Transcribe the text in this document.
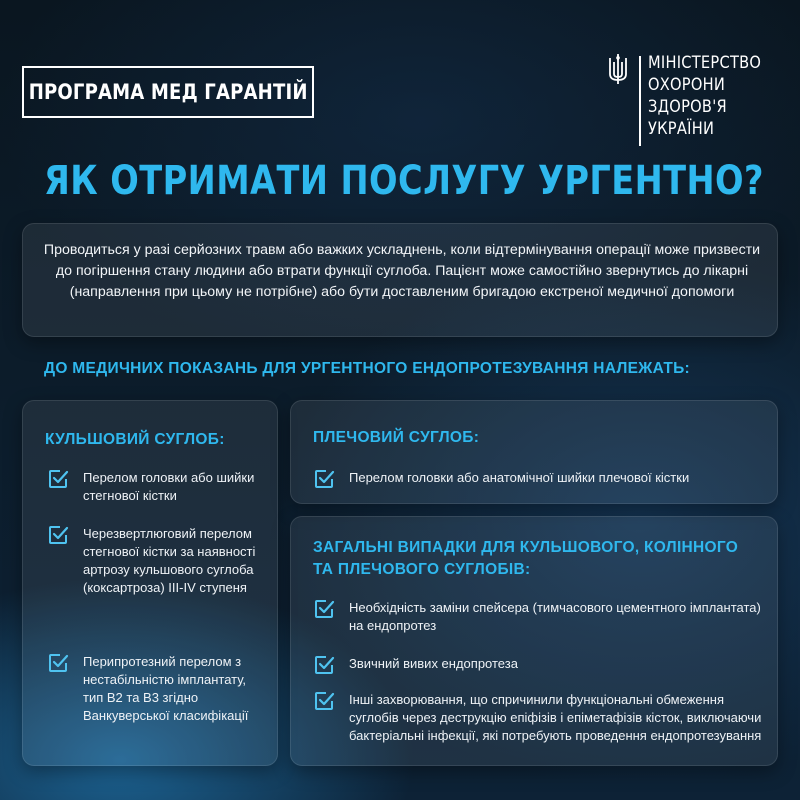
ПРОГРАМА МЕД ГАРАНТІЙ
МІНІСТЕРСТВО
ОХОРОНИ
ЗДОРОВ'Я
УКРАЇНИ
ЯК ОТРИМАТИ ПОСЛУГУ УРГЕНТНО?

Проводиться у разі серйозних травм або важких ускладнень, коли відтермінування операції може призвести до погіршення стану людини або втрати функції суглоба. Пацієнт може самостійно звернутись до лікарні (направлення при цьому не потрібне) або бути доставленим бригадою екстреної медичної допомоги

ДО МЕДИЧНИХ ПОКАЗАНЬ ДЛЯ УРГЕНТНОГО ЕНДОПРОТЕЗУВАННЯ НАЛЕЖАТЬ:
КУЛЬШОВИЙ СУГЛОБ:
Перелом головки або шийки стегнової кістки
Черезвертлюговий перелом стегнової кістки за наявності артрозу кульшового суглоба (коксартроза) III-IV ступеня
Перипротезний перелом з нестабільністю імплантату, тип B2 та B3 згідно Ванкуверської класифікації
ПЛЕЧОВИЙ СУГЛОБ:
Перелом головки або анатомічної шийки плечової кістки
ЗАГАЛЬНІ ВИПАДКИ ДЛЯ КУЛЬШОВОГО, КОЛІННОГО
ТА ПЛЕЧОВОГО СУГЛОБІВ:
Необхідність заміни спейсера (тимчасового цементного імплантата) на ендопротез
Звичний вивих ендопротеза
Інші захворювання, що спричинили функціональні обмеження суглобів через деструкцію епіфізів і епіметафізів кісток, виключаючи бактеріальні інфекції, які потребують проведення ендопротезування
